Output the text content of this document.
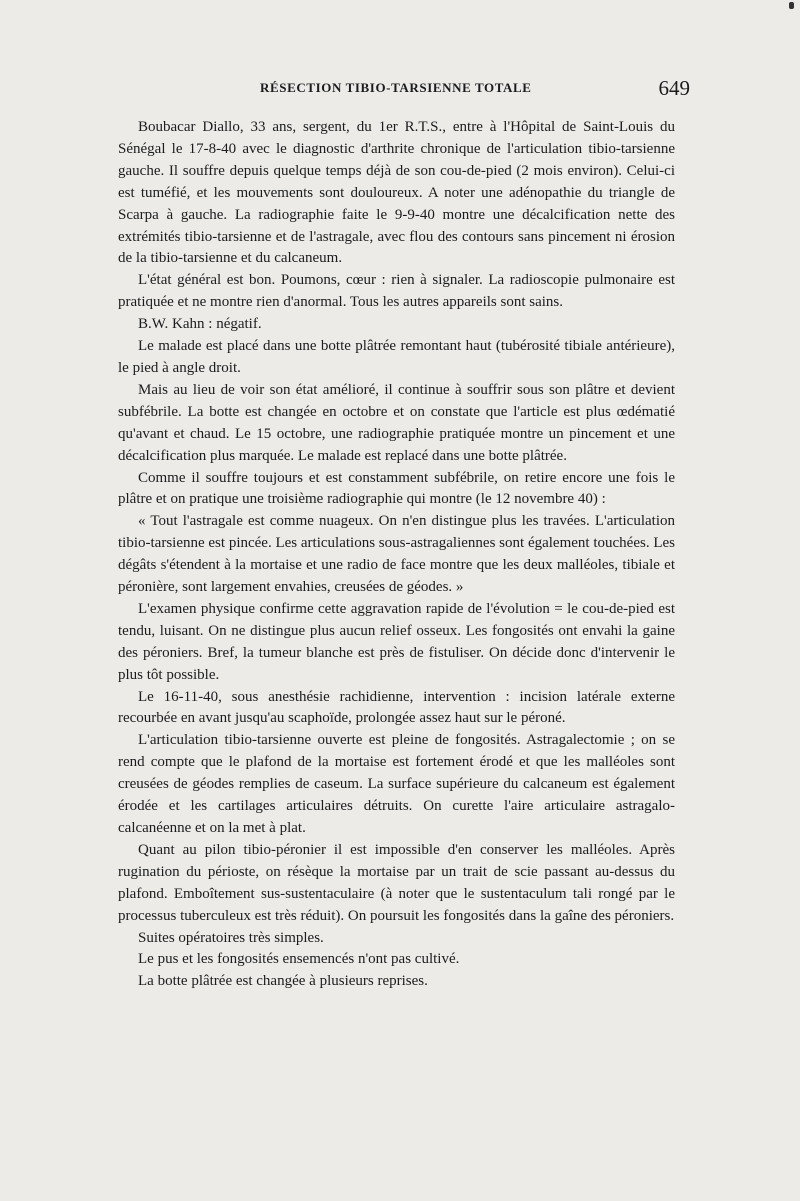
RÉSECTION TIBIO-TARSIENNE TOTALE	649

Boubacar Diallo, 33 ans, sergent, du 1er R.T.S., entre à l'Hôpital de Saint-Louis du Sénégal le 17-8-40 avec le diagnostic d'arthrite chronique de l'articulation tibio-tarsienne gauche. Il souffre depuis quelque temps déjà de son cou-de-pied (2 mois environ). Celui-ci est tuméfié, et les mouvements sont douloureux. A noter une adénopathie du triangle de Scarpa à gauche. La radiographie faite le 9-9-40 montre une décalcification nette des extrémités tibio-tarsienne et de l'astragale, avec flou des contours sans pincement ni érosion de la tibio-tarsienne et du calcaneum.

L'état général est bon. Poumons, cœur : rien à signaler. La radioscopie pulmonaire est pratiquée et ne montre rien d'anormal. Tous les autres appareils sont sains.

B.W. Kahn : négatif.

Le malade est placé dans une botte plâtrée remontant haut (tubérosité tibiale antérieure), le pied à angle droit.

Mais au lieu de voir son état amélioré, il continue à souffrir sous son plâtre et devient subfébrile. La botte est changée en octobre et on constate que l'article est plus œdématié qu'avant et chaud. Le 15 octobre, une radiographie pratiquée montre un pincement et une décalcification plus marquée. Le malade est replacé dans une botte plâtrée.

Comme il souffre toujours et est constamment subfébrile, on retire encore une fois le plâtre et on pratique une troisième radiographie qui montre (le 12 novembre 40) :

« Tout l'astragale est comme nuageux. On n'en distingue plus les travées. L'articulation tibio-tarsienne est pincée. Les articulations sous-astragaliennes sont également touchées. Les dégâts s'étendent à la mortaise et une radio de face montre que les deux malléoles, tibiale et péronière, sont largement envahies, creusées de géodes. »

L'examen physique confirme cette aggravation rapide de l'évolution = le cou-de-pied est tendu, luisant. On ne distingue plus aucun relief osseux. Les fongosités ont envahi la gaine des péroniers. Bref, la tumeur blanche est près de fistuliser. On décide donc d'intervenir le plus tôt possible.

Le 16-11-40, sous anesthésie rachidienne, intervention : incision latérale externe recourbée en avant jusqu'au scaphoïde, prolongée assez haut sur le péroné.

L'articulation tibio-tarsienne ouverte est pleine de fongosités. Astragalectomie ; on se rend compte que le plafond de la mortaise est fortement érodé et que les malléoles sont creusées de géodes remplies de caseum. La surface supérieure du calcaneum est également érodée et les cartilages articulaires détruits. On curette l'aire articulaire astragalo-calcanéenne et on la met à plat.

Quant au pilon tibio-péronier il est impossible d'en conserver les malléoles. Après rugination du périoste, on résèque la mortaise par un trait de scie passant au-dessus du plafond. Emboîtement sus-sustentaculaire (à noter que le sustentaculum tali rongé par le processus tuberculeux est très réduit). On poursuit les fongosités dans la gaîne des péroniers.

Suites opératoires très simples.

Le pus et les fongosités ensemencés n'ont pas cultivé.

La botte plâtrée est changée à plusieurs reprises.
